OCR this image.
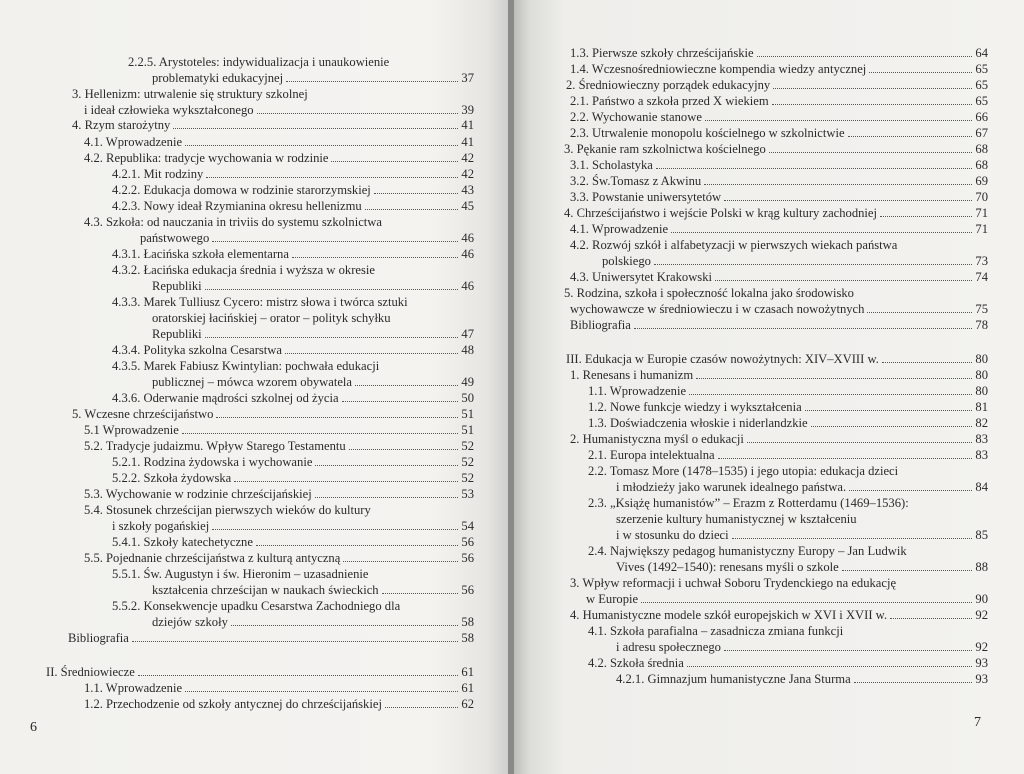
2.2.5. Arystoteles: indywidualizacja i unaukowienie
problematyki edukacyjnej	37
3. Hellenizm: utrwalenie się struktury szkolnej
i ideał człowieka wykształconego	39
4. Rzym starożytny	41
4.1. Wprowadzenie	41
4.2. Republika: tradycje wychowania w rodzinie	42
4.2.1. Mit rodziny	42
4.2.2. Edukacja domowa w rodzinie starorzymskiej	43
4.2.3. Nowy ideał Rzymianina okresu hellenizmu	45
4.3. Szkoła: od nauczania in triviis do systemu szkolnictwa
państwowego	46
4.3.1. Łacińska szkoła elementarna	46
4.3.2. Łacińska edukacja średnia i wyższa w okresie
Republiki	46
4.3.3. Marek Tulliusz Cycero: mistrz słowa i twórca sztuki
oratorskiej łacińskiej – orator – polityk schyłku
Republiki	47
4.3.4. Polityka szkolna Cesarstwa	48
4.3.5. Marek Fabiusz Kwintylian: pochwała edukacji
publicznej – mówca wzorem obywatela	49
4.3.6. Oderwanie mądrości szkolnej od życia	50
5. Wczesne chrześcijaństwo	51
5.1 Wprowadzenie	51
5.2. Tradycje judaizmu. Wpływ Starego Testamentu	52
5.2.1. Rodzina żydowska i wychowanie	52
5.2.2. Szkoła żydowska	52
5.3. Wychowanie w rodzinie chrześcijańskiej	53
5.4. Stosunek chrześcijan pierwszych wieków do kultury
i szkoły pogańskiej	54
5.4.1. Szkoły katechetyczne	56
5.5. Pojednanie chrześcijaństwa z kulturą antyczną	56
5.5.1. Św. Augustyn i św. Hieronim – uzasadnienie
kształcenia chrześcijan w naukach świeckich	56
5.5.2. Konsekwencje upadku Cesarstwa Zachodniego dla
dziejów szkoły	58
Bibliografia	58
II. Średniowiecze	61
1.1. Wprowadzenie	61
1.2. Przechodzenie od szkoły antycznej do chrześcijańskiej	62
6
1.3. Pierwsze szkoły chrześcijańskie	64
1.4. Wczesnośredniowieczne kompendia wiedzy antycznej	65
2. Średniowieczny porządek edukacyjny	65
2.1. Państwo a szkoła przed X wiekiem	65
2.2. Wychowanie stanowe	66
2.3. Utrwalenie monopolu kościelnego w szkolnictwie	67
3. Pękanie ram szkolnictwa kościelnego	68
3.1. Scholastyka	68
3.2. Św.Tomasz z Akwinu	69
3.3. Powstanie uniwersytetów	70
4. Chrześcijaństwo i wejście Polski w krąg kultury zachodniej	71
4.1. Wprowadzenie	71
4.2. Rozwój szkół i alfabetyzacji w pierwszych wiekach państwa
polskiego	73
4.3. Uniwersytet Krakowski	74
5. Rodzina, szkoła i społeczność lokalna jako środowisko
wychowawcze w średniowieczu i w czasach nowożytnych	75
Bibliografia	78
III. Edukacja w Europie czasów nowożytnych: XIV–XVIII w.	80
1. Renesans i humanizm	80
1.1. Wprowadzenie	80
1.2. Nowe funkcje wiedzy i wykształcenia	81
1.3. Doświadczenia włoskie i niderlandzkie	82
2. Humanistyczna myśl o edukacji	83
2.1. Europa intelektualna	83
2.2. Tomasz More (1478–1535) i jego utopia: edukacja dzieci
i młodzieży jako warunek idealnego państwa.	84
2.3. „Książę humanistów” – Erazm z Rotterdamu (1469–1536):
szerzenie kultury humanistycznej w kształceniu
i w stosunku do dzieci	85
2.4. Największy pedagog humanistyczny Europy – Jan Ludwik
Vives (1492–1540): renesans myśli o szkole	88
3. Wpływ reformacji i uchwał Soboru Trydenckiego na edukację
w Europie	90
4. Humanistyczne modele szkół europejskich w XVI i XVII w.	92
4.1. Szkoła parafialna – zasadnicza zmiana funkcji
i adresu społecznego	92
4.2. Szkoła średnia	93
4.2.1. Gimnazjum humanistyczne Jana Sturma	93
7
